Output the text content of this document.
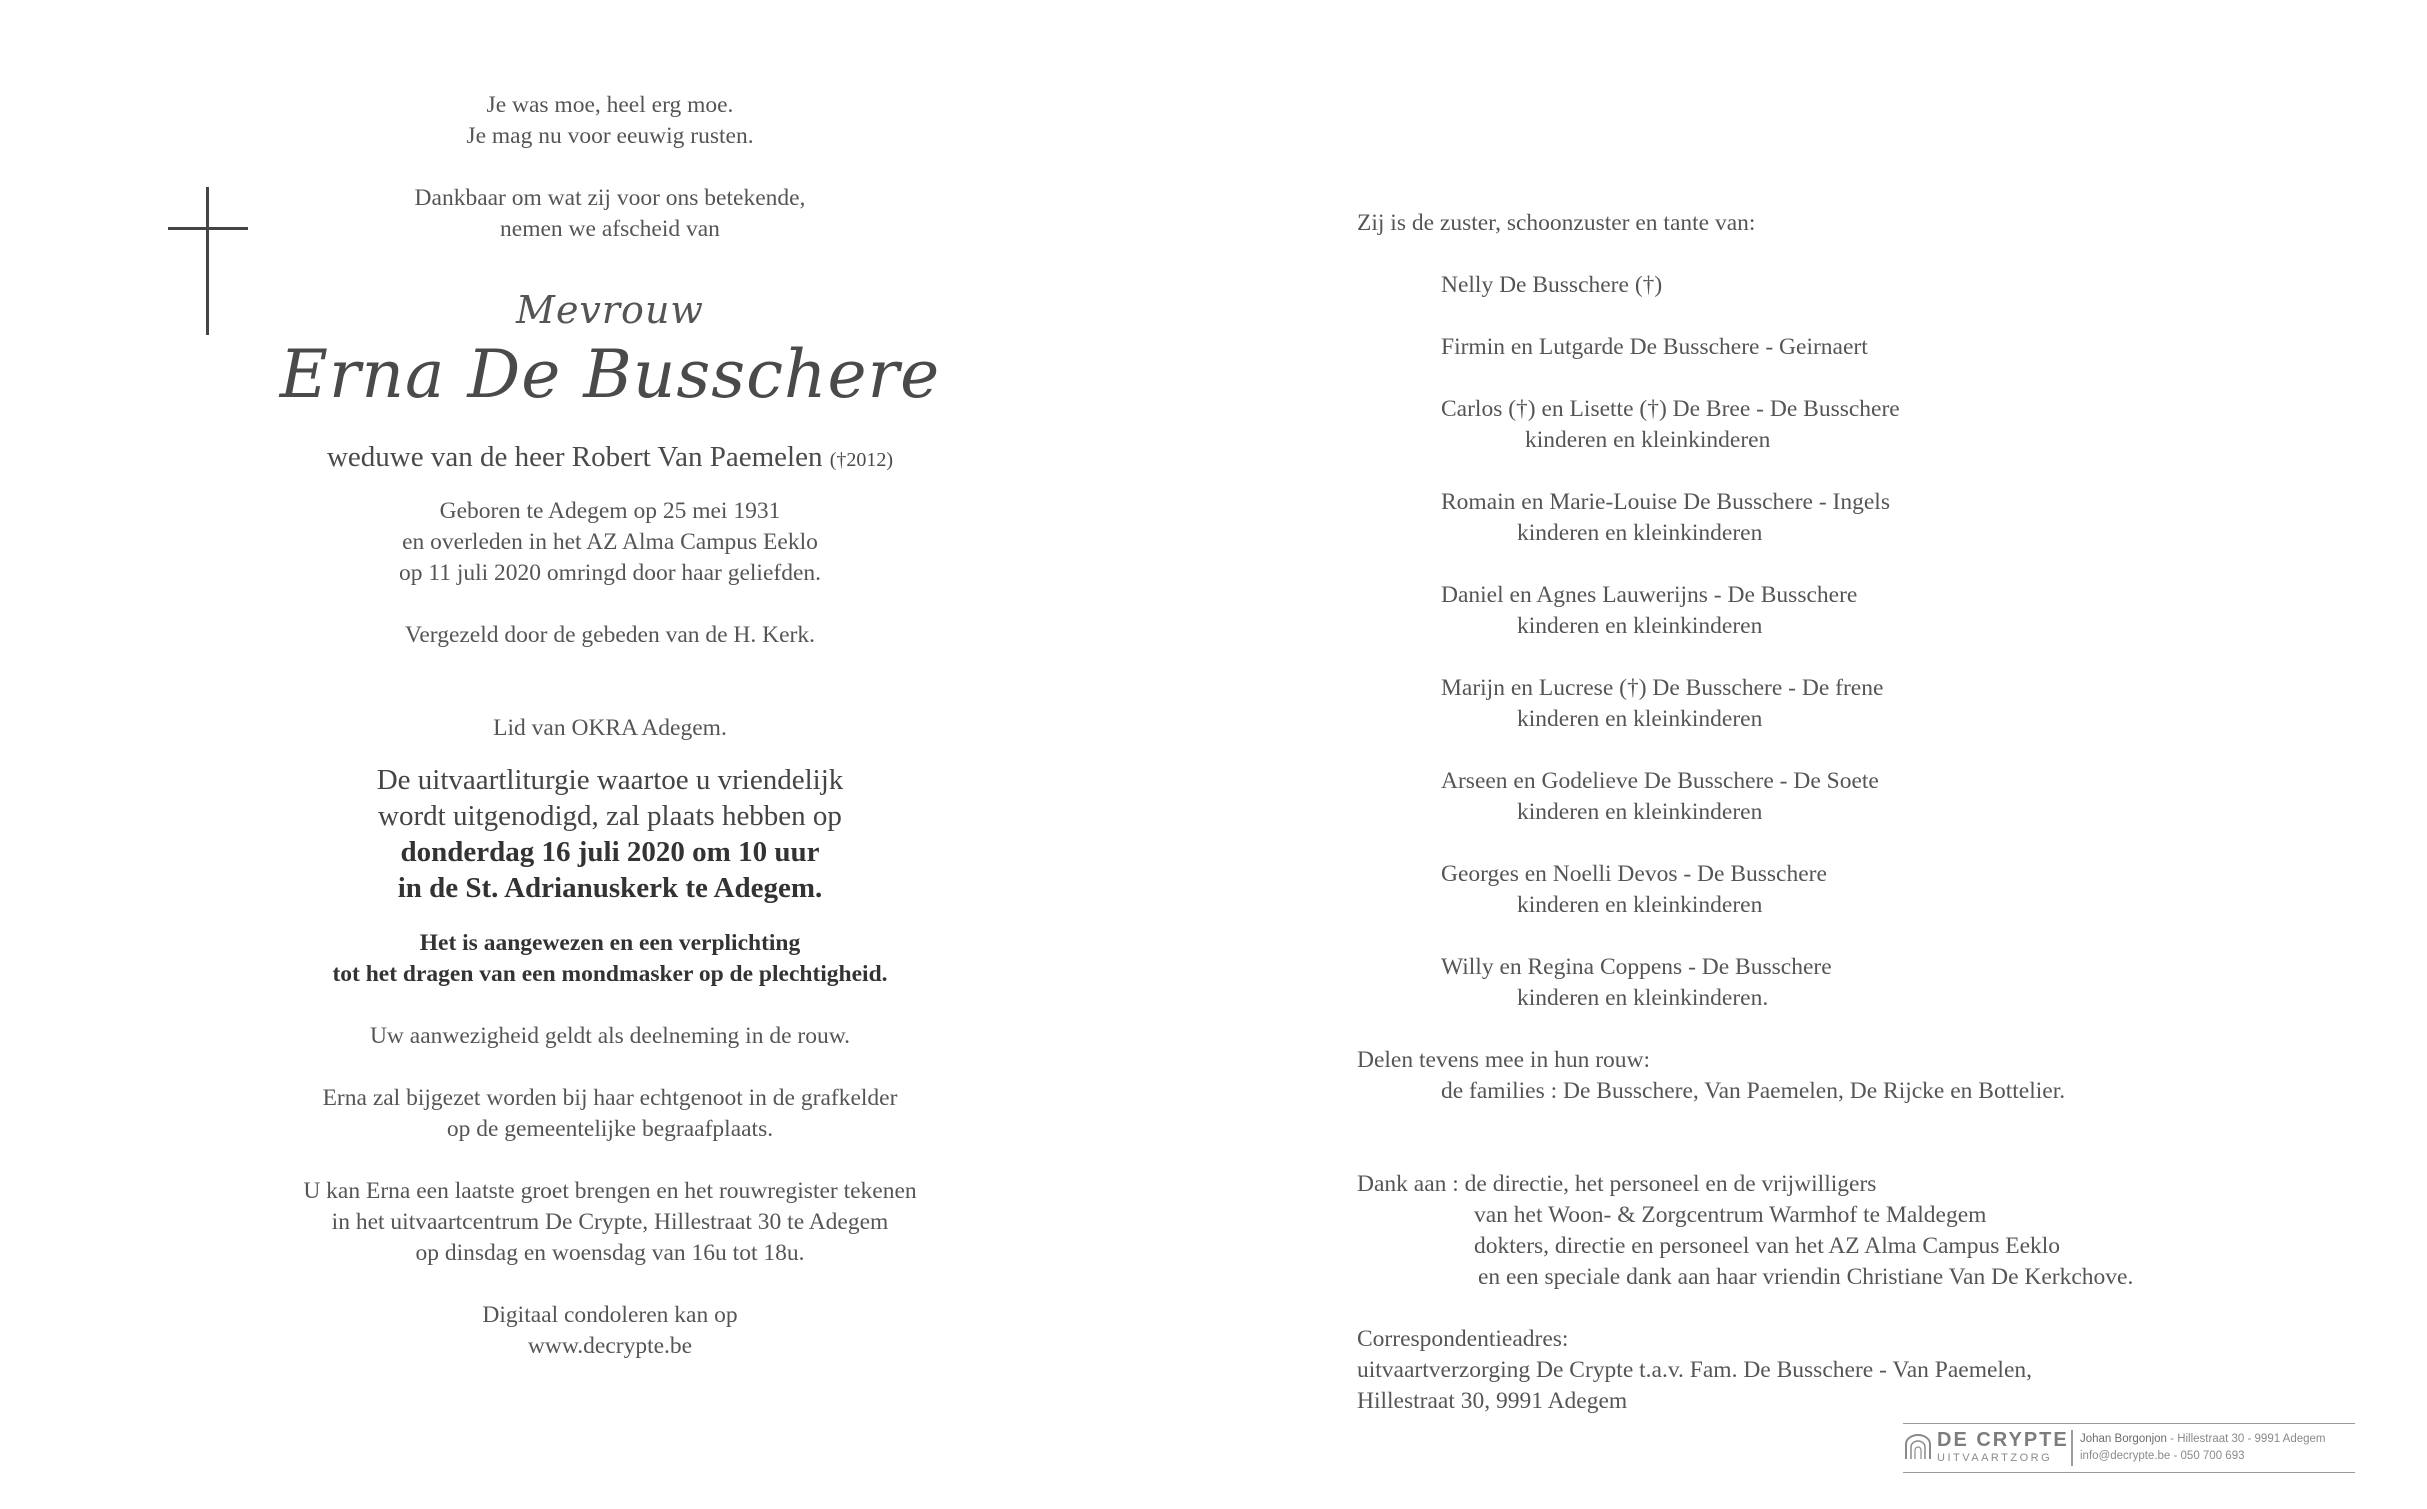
Je was moe, heel erg moe.

Je mag nu voor eeuwig rusten.

Dankbaar om wat zij voor ons betekende,

nemen we afscheid van

Mevrouw

Erna De Busschere

weduwe van de heer Robert Van Paemelen (†2012)

Geboren te Adegem op 25 mei 1931

en overleden in het AZ Alma Campus Eeklo

op 11 juli 2020 omringd door haar geliefden.

Vergezeld door de gebeden van de H. Kerk.

Lid van OKRA Adegem.

De uitvaartliturgie waartoe u vriendelijk

wordt uitgenodigd, zal plaats hebben op

donderdag 16 juli 2020 om 10 uur

in de St. Adrianuskerk te Adegem.

Het is aangewezen en een verplichting

tot het dragen van een mondmasker op de plechtigheid.

Uw aanwezigheid geldt als deelneming in de rouw.

Erna zal bijgezet worden bij haar echtgenoot in de grafkelder

op de gemeentelijke begraafplaats.

U kan Erna een laatste groet brengen en het rouwregister tekenen

in het uitvaartcentrum De Crypte, Hillestraat 30 te Adegem

op dinsdag en woensdag van 16u tot 18u.

Digitaal condoleren kan op

www.decrypte.be

Zij is de zuster, schoonzuster en tante van:

Nelly De Busschere (†)

Firmin en Lutgarde De Busschere - Geirnaert

Carlos (†) en Lisette (†) De Bree - De Busschere

kinderen en kleinkinderen

Romain en Marie-Louise De Busschere - Ingels

kinderen en kleinkinderen

Daniel en Agnes Lauwerijns - De Busschere

kinderen en kleinkinderen

Marijn en Lucrese (†) De Busschere - De frene

kinderen en kleinkinderen

Arseen en Godelieve De Busschere - De Soete

kinderen en kleinkinderen

Georges en Noelli Devos - De Busschere

kinderen en kleinkinderen

Willy en Regina Coppens - De Busschere

kinderen en kleinkinderen.

Delen tevens mee in hun rouw:

de families : De Busschere, Van Paemelen, De Rijcke en Bottelier.

Dank aan : de directie, het personeel en de vrijwilligers

van het Woon- & Zorgcentrum Warmhof te Maldegem

dokters, directie en personeel van het AZ Alma Campus Eeklo

en een speciale dank aan haar vriendin Christiane Van De Kerkchove.

Correspondentieadres:

uitvaartverzorging De Crypte t.a.v. Fam. De Busschere - Van Paemelen,

Hillestraat 30, 9991 Adegem

DE CRYPTE
UITVAARTZORG
Johan Borgonjon - Hillestraat 30 - 9991 Adegem
info@decrypte.be - 050 700 693
